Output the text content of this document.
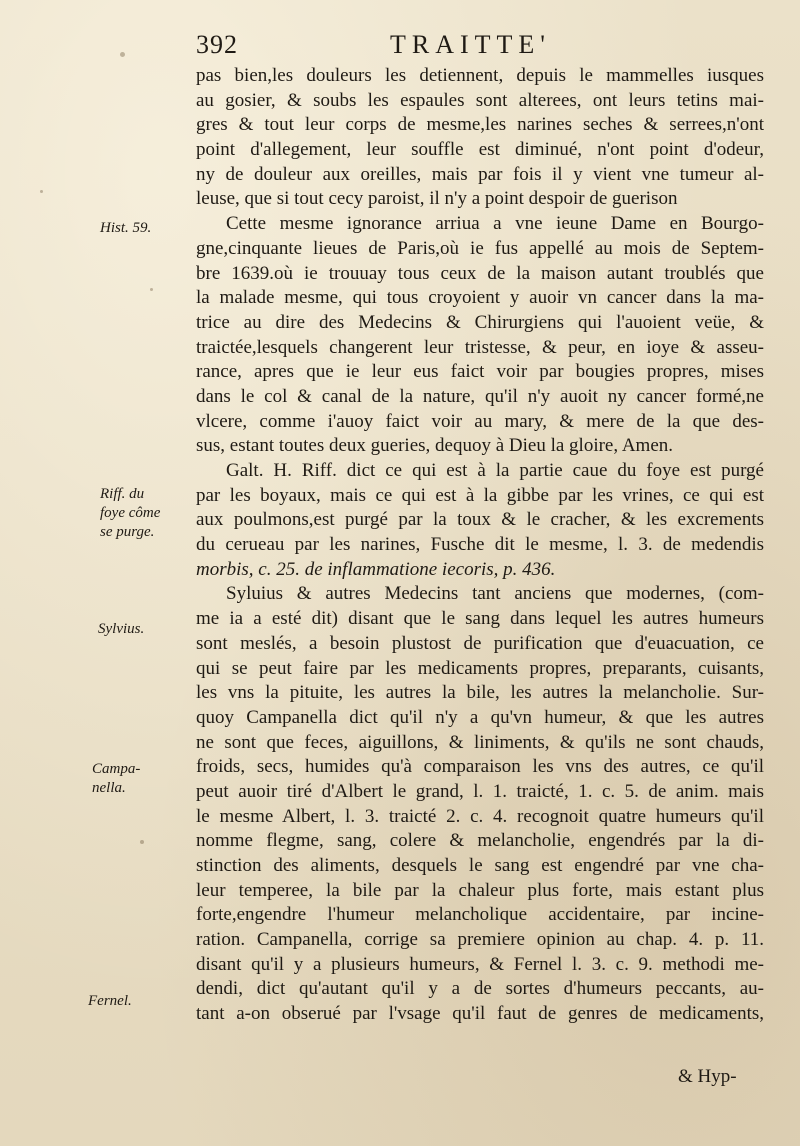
392	TRAITTE'
Hist. 59.
Riff. du
foye côme
se purge.
Sylvius.
Campa-
nella.
Fernel.
pas bien,les douleurs les detiennent, depuis le mammelles iusques
au gosier, & soubs les espaules sont alterees, ont leurs tetins mai-
gres & tout leur corps de mesme,les narines seches & serrees,n'ont
point d'allegement, leur souffle est diminué, n'ont point d'odeur,
ny de douleur aux oreilles, mais par fois il y vient vne tumeur al-
leuse, que si tout cecy paroist, il n'y a point despoir de guerison
Cette mesme ignorance arriua a vne ieune Dame en Bourgo-
gne,cinquante lieues de Paris,où ie fus appellé au mois de Septem-
bre 1639.où ie trouuay tous ceux de la maison autant troublés que
la malade mesme, qui tous croyoient y auoir vn cancer dans la ma-
trice au dire des Medecins & Chirurgiens qui l'auoient veüe, &
traictée,lesquels changerent leur tristesse, & peur, en ioye & asseu-
rance, apres que ie leur eus faict voir par bougies propres, mises
dans le col & canal de la nature, qu'il n'y auoit ny cancer formé,ne
vlcere, comme i'auoy faict voir au mary, & mere de la que des-
sus, estant toutes deux gueries, dequoy à Dieu la gloire, Amen.
Galt. H. Riff. dict ce qui est à la partie caue du foye est purgé
par les boyaux, mais ce qui est à la gibbe par les vrines, ce qui est
aux poulmons,est purgé par la toux & le cracher, & les excrements
du cerueau par les narines, Fusche dit le mesme, l. 3. de medendis
morbis, c. 25. de inflammatione iecoris, p. 436.
Syluius & autres Medecins tant anciens que modernes, (com-
me ia a esté dit) disant que le sang dans lequel les autres humeurs
sont meslés, a besoin plustost de purification que d'euacuation, ce
qui se peut faire par les medicaments propres, preparants, cuisants,
les vns la pituite, les autres la bile, les autres la melancholie. Sur-
quoy Campanella dict qu'il n'y a qu'vn humeur, & que les autres
ne sont que feces, aiguillons, & liniments, & qu'ils ne sont chauds,
froids, secs, humides qu'à comparaison les vns des autres, ce qu'il
peut auoir tiré d'Albert le grand, l. 1. traicté, 1. c. 5. de anim. mais
le mesme Albert, l. 3. traicté 2. c. 4. recognoit quatre humeurs qu'il
nomme flegme, sang, colere & melancholie, engendrés par la di-
stinction des aliments, desquels le sang est engendré par vne cha-
leur temperee, la bile par la chaleur plus forte, mais estant plus
forte,engendre l'humeur melancholique accidentaire, par incine-
ration. Campanella, corrige sa premiere opinion au chap. 4. p. 11.
disant qu'il y a plusieurs humeurs, & Fernel l. 3. c. 9. methodi me-
dendi, dict qu'autant qu'il y a de sortes d'humeurs peccants, au-
tant a-on obserué par l'vsage qu'il faut de genres de medicaments,
& Hyp-
